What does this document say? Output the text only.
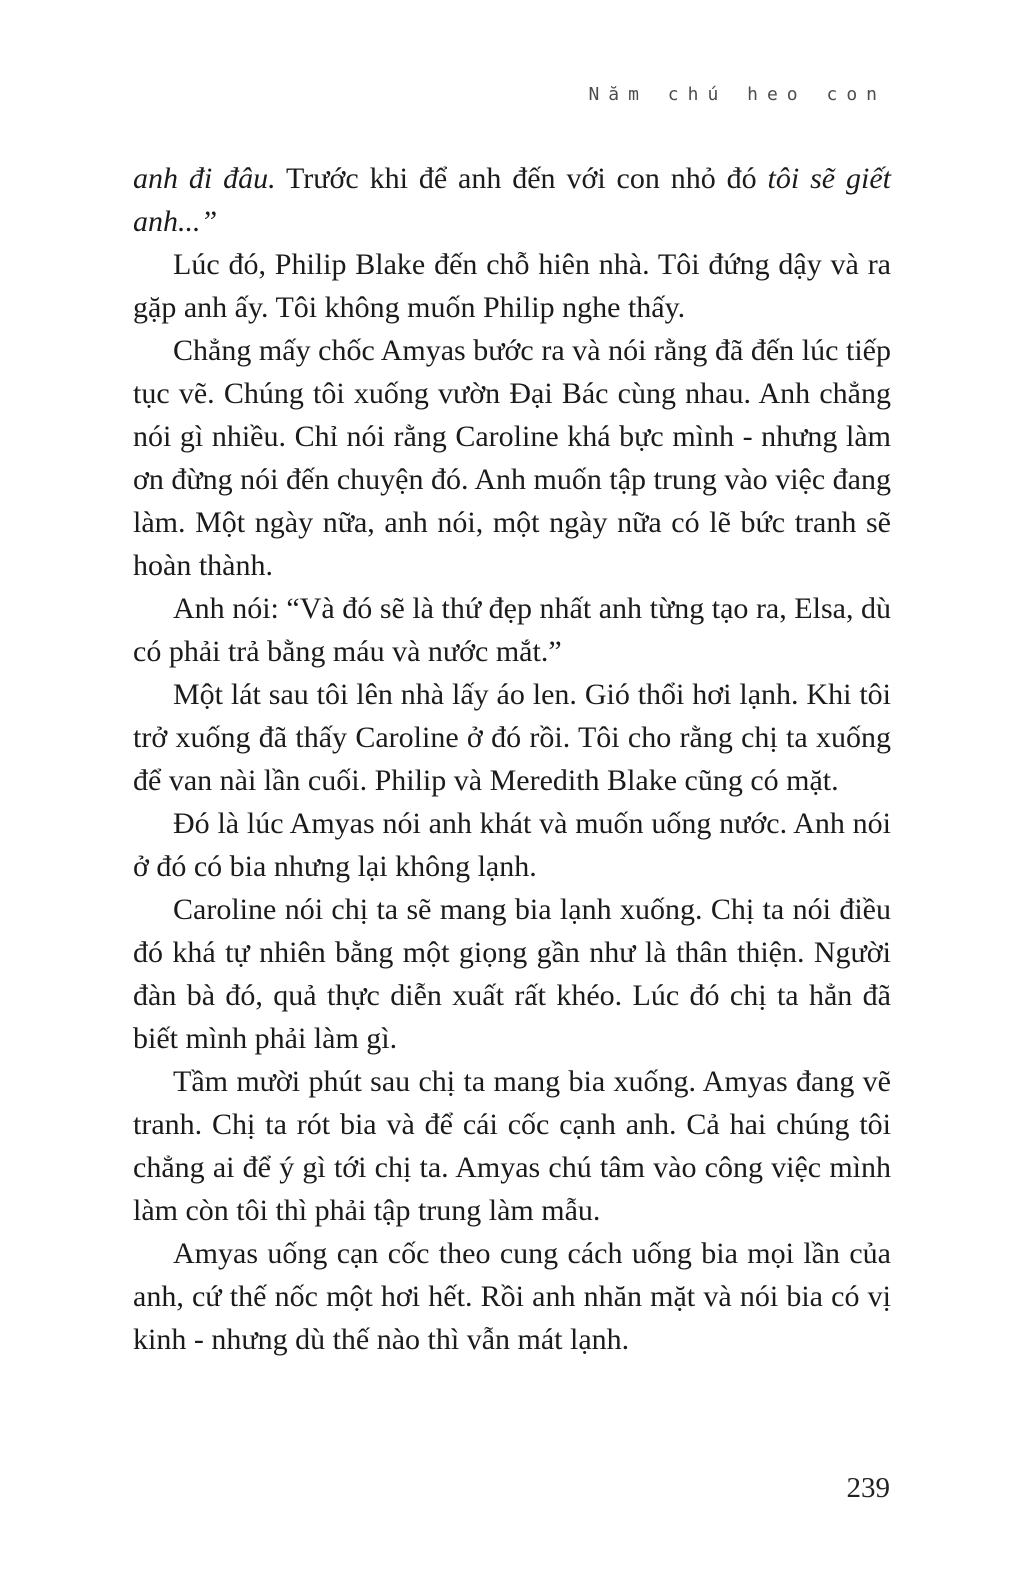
Năm chú heo con

anh đi đâu. Trước khi để anh đến với con nhỏ đó tôi sẽ giết anh...”

Lúc đó, Philip Blake đến chỗ hiên nhà. Tôi đứng dậy và ra gặp anh ấy. Tôi không muốn Philip nghe thấy.

Chẳng mấy chốc Amyas bước ra và nói rằng đã đến lúc tiếp tục vẽ. Chúng tôi xuống vườn Đại Bác cùng nhau. Anh chẳng nói gì nhiều. Chỉ nói rằng Caroline khá bực mình - nhưng làm ơn đừng nói đến chuyện đó. Anh muốn tập trung vào việc đang làm. Một ngày nữa, anh nói, một ngày nữa có lẽ bức tranh sẽ hoàn thành.

Anh nói: “Và đó sẽ là thứ đẹp nhất anh từng tạo ra, Elsa, dù có phải trả bằng máu và nước mắt.”

Một lát sau tôi lên nhà lấy áo len. Gió thổi hơi lạnh. Khi tôi trở xuống đã thấy Caroline ở đó rồi. Tôi cho rằng chị ta xuống để van nài lần cuối. Philip và Meredith Blake cũng có mặt.

Đó là lúc Amyas nói anh khát và muốn uống nước. Anh nói ở đó có bia nhưng lại không lạnh.

Caroline nói chị ta sẽ mang bia lạnh xuống. Chị ta nói điều đó khá tự nhiên bằng một giọng gần như là thân thiện. Người đàn bà đó, quả thực diễn xuất rất khéo. Lúc đó chị ta hẳn đã biết mình phải làm gì.

Tầm mười phút sau chị ta mang bia xuống. Amyas đang vẽ tranh. Chị ta rót bia và để cái cốc cạnh anh. Cả hai chúng tôi chẳng ai để ý gì tới chị ta. Amyas chú tâm vào công việc mình làm còn tôi thì phải tập trung làm mẫu.

Amyas uống cạn cốc theo cung cách uống bia mọi lần của anh, cứ thế nốc một hơi hết. Rồi anh nhăn mặt và nói bia có vị kinh - nhưng dù thế nào thì vẫn mát lạnh.

239
